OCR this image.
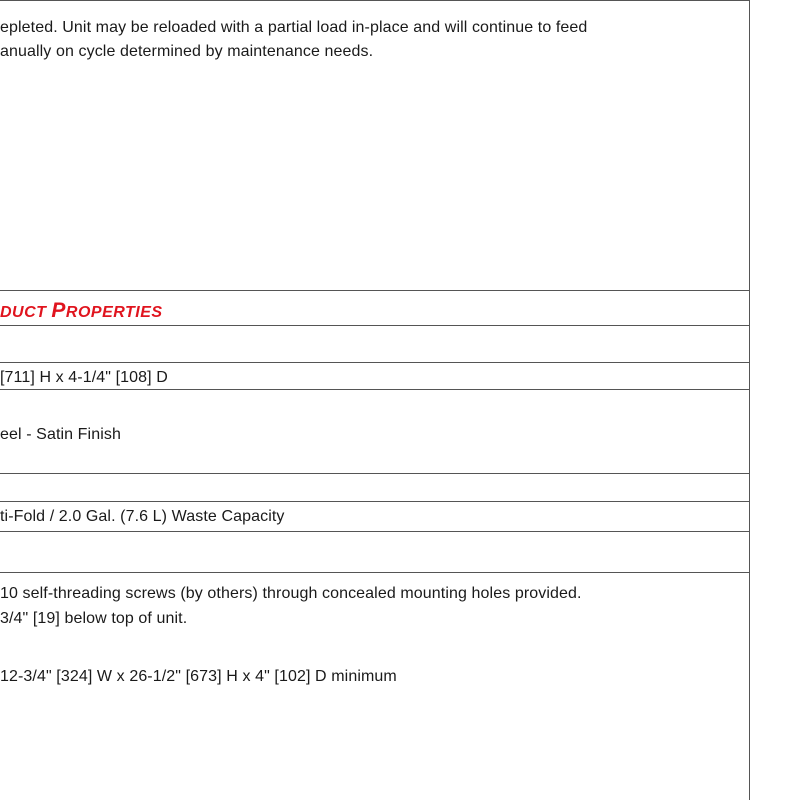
epleted. Unit may be reloaded with a partial load in-place and will continue to feed
anually on cycle determined by maintenance needs.
DUCT PROPERTIES
[711] H x 4-1/4" [108] D
eel - Satin Finish
ti-Fold / 2.0 Gal. (7.6 L) Waste Capacity
10 self-threading screws (by others) through concealed mounting holes provided.
3/4" [19] below top of unit.
12-3/4" [324] W x 26-1/2" [673] H x 4" [102] D minimum
